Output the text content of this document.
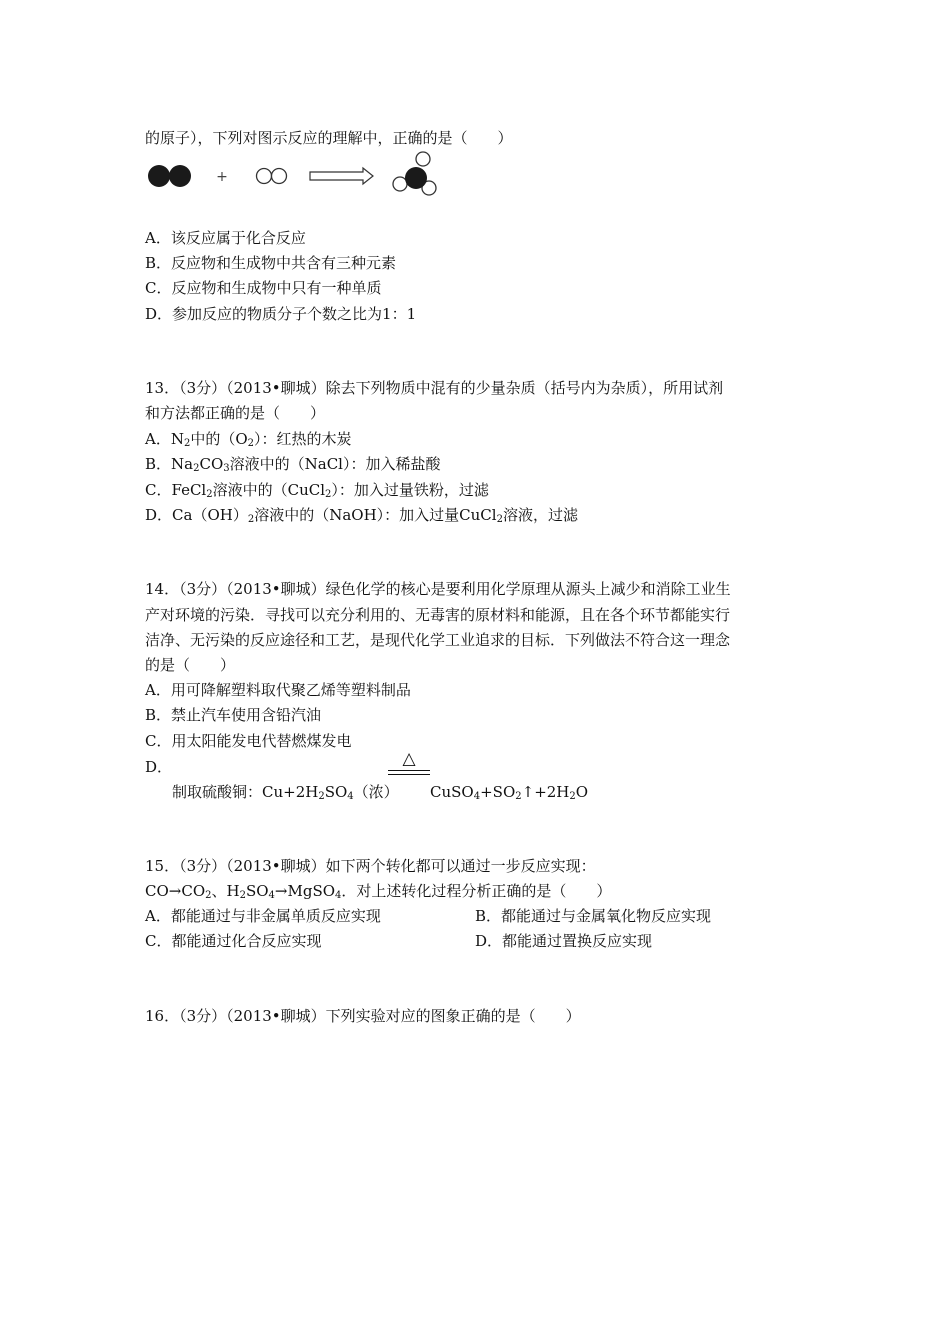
的原子），下列对图示反应的理解中，正确的是（　　）
+
A．该反应属于化合反应
B．反应物和生成物中共含有三种元素
C．反应物和生成物中只有一种单质
D．参加反应的物质分子个数之比为1：1
13．（3分）（2013•聊城）除去下列物质中混有的少量杂质（括号内为杂质），所用试剂
和方法都正确的是（　　）
A．$N_2$中的$(O_2)$：红热的木炭
B．$Na_2CO_3$溶液中的（NaCl）：加入稀盐酸
C．FeCl$_2$溶液中的（CuCl$_2$）：加入过量铁粉，过滤
D．$Ca(OH)_2$溶液中的（NaOH）：加入过量CuCl$_2$溶液，过滤
14．（3分）（2013•聊城）绿色化学的核心是要利用化学原理从源头上减少和消除工业生
产对环境的污染．寻找可以充分利用的、无毒害的原材料和能源，且在各个环节都能实行
洁净、无污染的反应途径和工艺，是现代化学工业追求的目标．下列做法不符合这一理念
的是（　　）
A．用可降解塑料取代聚乙烯等塑料制品
B．禁止汽车使用含铅汽油
C．用太阳能发电代替燃煤发电
D．	△
制取硫酸铜：$Cu+2H_2SO_4$（浓） $CuSO_4+SO_2↑+2H_2O$
15．（3分）（2013•聊城）如下两个转化都可以通过一步反应实现：
$CO\to CO_2$、$H_2SO_4\to MgSO_4$．对上述转化过程分析正确的是（　　）
A．都能通过与非金属单质反应实现	B．都能通过与金属氧化物反应实现
C．都能通过化合反应实现	D．都能通过置换反应实现
16．（3分）（2013•聊城）下列实验对应的图象正确的是（　　）
